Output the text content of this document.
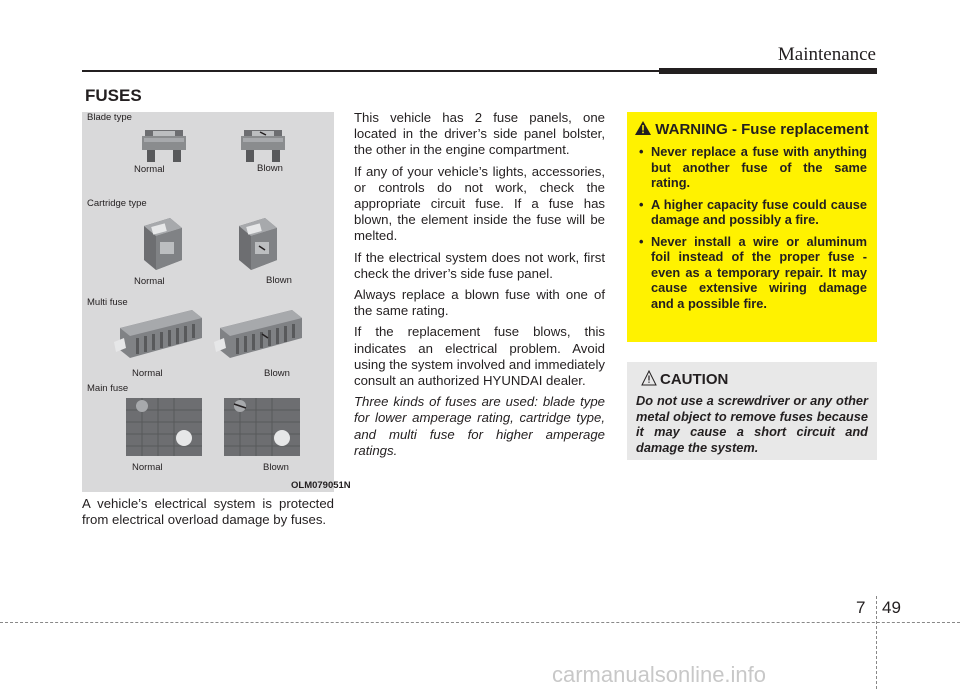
Maintenance
FUSES
Blade type
Normal	Blown
Cartridge type
Normal	Blown
Multi fuse
Normal	Blown
Main fuse
Normal	Blown
OLM079051N

A vehicle’s electrical system is protected from electrical overload damage by fuses.

This vehicle has 2 fuse panels, one located in the driver’s side panel bolster, the other in the engine compartment.

If any of your vehicle’s lights, accessories, or controls do not work, check the appropriate circuit fuse. If a fuse has blown, the element inside the fuse will be melted.

If the electrical system does not work, first check the driver’s side fuse panel.

Always replace a blown fuse with one of the same rating.

If the replacement fuse blows, this indicates an electrical problem. Avoid using the system involved and immediately consult an authorized HYUNDAI dealer.

Three kinds of fuses are used: blade type for lower amperage rating, cartridge type, and multi fuse for higher amperage ratings.

WARNING - Fuse replacement
• Never replace a fuse with anything but another fuse of the same rating.
• A higher capacity fuse could cause damage and possibly a fire.
• Never install a wire or aluminum foil instead of the proper fuse - even as a temporary repair. It may cause extensive wiring damage and a possible fire.
CAUTION
Do not use a screwdriver or any other metal object to remove fuses because it may cause a short circuit and damage the system.
7 49
carmanualsonline.info
